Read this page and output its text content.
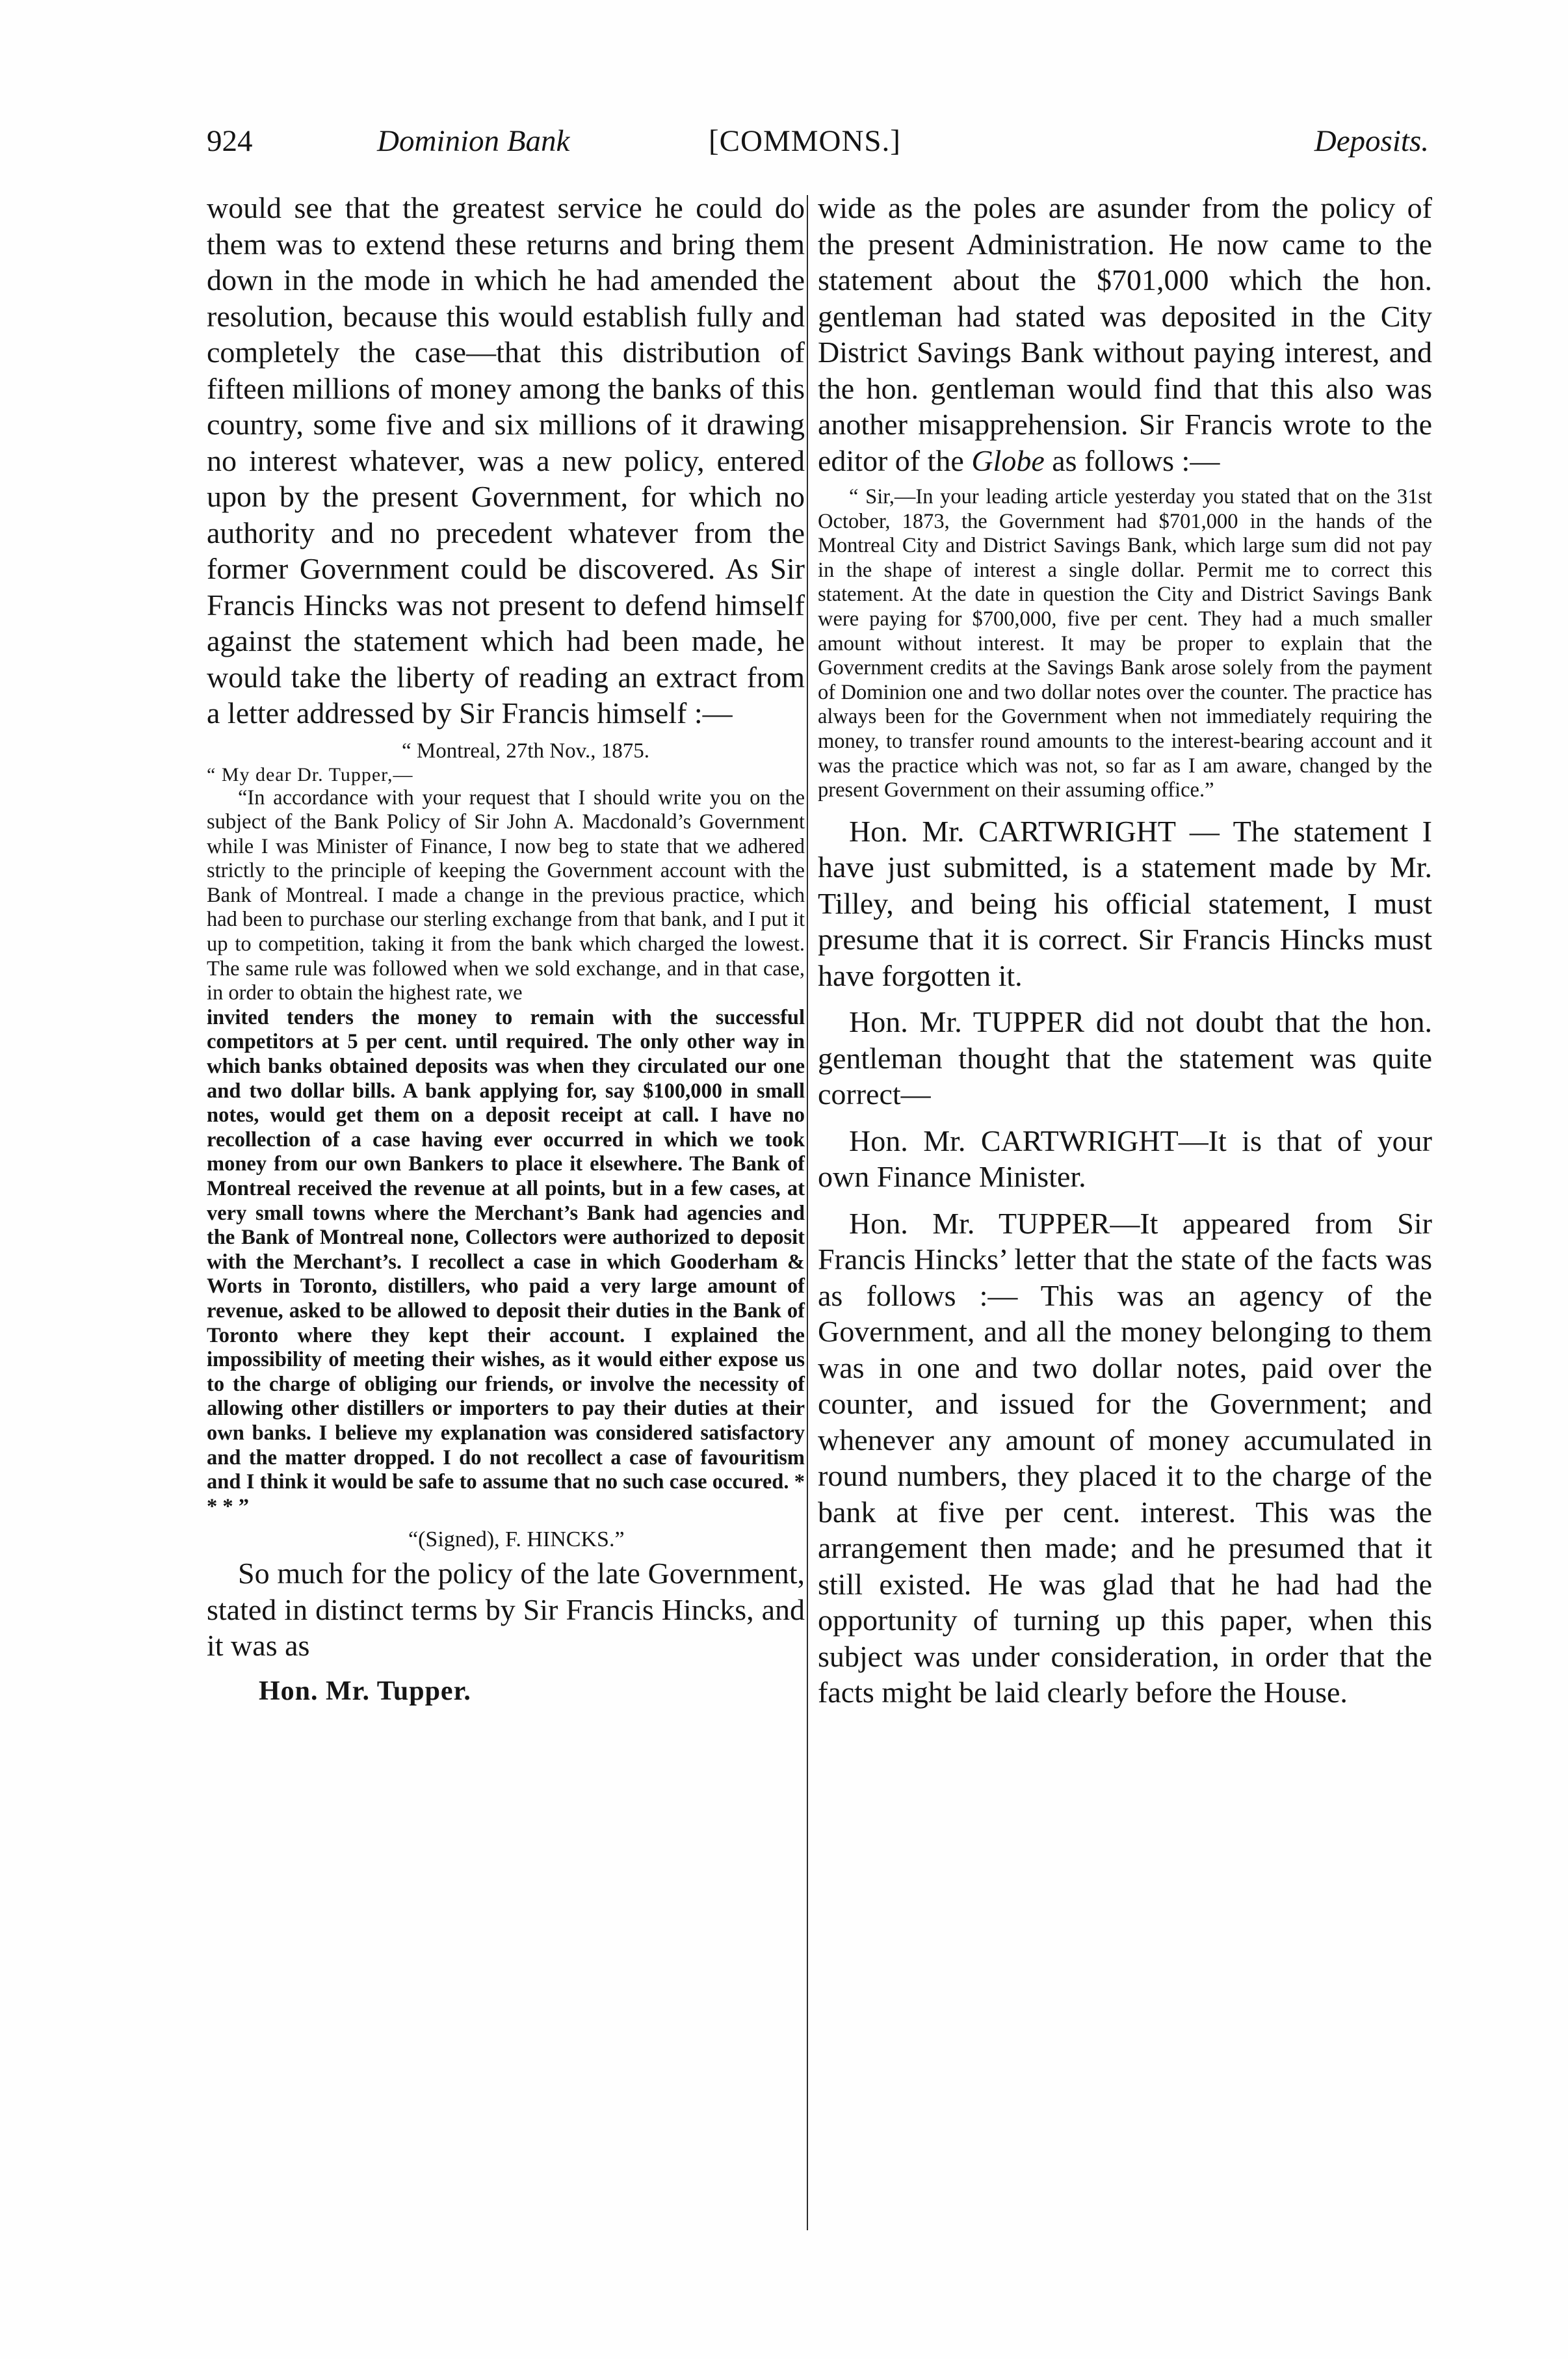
924	Dominion Bank	[COMMONS.]	Deposits.

would see that the greatest service he could do them was to extend these returns and bring them down in the mode in which he had amended the resolution, because this would establish fully and completely the case—that this distribution of fifteen millions of money among the banks of this country, some five and six millions of it drawing no interest whatever, was a new policy, entered upon by the present Government, for which no authority and no precedent whatever from the former Government could be discovered. As Sir Francis Hincks was not present to defend himself against the statement which had been made, he would take the liberty of reading an extract from a letter addressed by Sir Francis himself :—

“ Montreal, 27th Nov., 1875.

“ My dear Dr. Tupper,—

“In accordance with your request that I should write you on the subject of the Bank Policy of Sir John A. Macdonald’s Government while I was Minister of Finance, I now beg to state that we adhered strictly to the principle of keeping the Government account with the Bank of Montreal. I made a change in the previous practice, which had been to purchase our sterling exchange from that bank, and I put it up to competition, taking it from the bank which charged the lowest. The same rule was followed when we sold exchange, and in that case, in order to obtain the highest rate, we

invited tenders the money to remain with the successful competitors at 5 per cent. until required. The only other way in which banks obtained deposits was when they circulated our one and two dollar bills. A bank applying for, say $100,000 in small notes, would get them on a deposit receipt at call. I have no recollection of a case having ever occurred in which we took money from our own Bankers to place it elsewhere. The Bank of Montreal received the revenue at all points, but in a few cases, at very small towns where the Merchant’s Bank had agencies and the Bank of Montreal none, Collectors were authorized to deposit with the Merchant’s. I recollect a case in which Gooderham & Worts in Toronto, distillers, who paid a very large amount of revenue, asked to be allowed to deposit their duties in the Bank of Toronto where they kept their account. I explained the impossibility of meeting their wishes, as it would either expose us to the charge of obliging our friends, or involve the necessity of allowing other distillers or importers to pay their duties at their own banks. I believe my explanation was considered satisfactory and the matter dropped. I do not recollect a case of favouritism and I think it would be safe to assume that no such case occured. * * * ”

“(Signed), F. HINCKS.”

So much for the policy of the late Government, stated in distinct terms by Sir Francis Hincks, and it was as

Hon. Mr. Tupper.

wide as the poles are asunder from the policy of the present Administration. He now came to the statement about the $701,000 which the hon. gentleman had stated was deposited in the City District Savings Bank without paying interest, and the hon. gentleman would find that this also was another misapprehension. Sir Francis wrote to the editor of the Globe as follows :—

“ Sir,—In your leading article yesterday you stated that on the 31st October, 1873, the Government had $701,000 in the hands of the Montreal City and District Savings Bank, which large sum did not pay in the shape of interest a single dollar. Permit me to correct this statement. At the date in question the City and District Savings Bank were paying for $700,000, five per cent. They had a much smaller amount without interest. It may be proper to explain that the Government credits at the Savings Bank arose solely from the payment of Dominion one and two dollar notes over the counter. The practice has always been for the Government when not immediately requiring the money, to transfer round amounts to the interest-bearing account and it was the practice which was not, so far as I am aware, changed by the present Government on their assuming office.”

Hon. Mr. CARTWRIGHT — The statement I have just submitted, is a statement made by Mr. Tilley, and being his official statement, I must presume that it is correct. Sir Francis Hincks must have forgotten it.

Hon. Mr. TUPPER did not doubt that the hon. gentleman thought that the statement was quite correct—

Hon. Mr. CARTWRIGHT—It is that of your own Finance Minister.

Hon. Mr. TUPPER—It appeared from Sir Francis Hincks’ letter that the state of the facts was as follows :— This was an agency of the Government, and all the money belonging to them was in one and two dollar notes, paid over the counter, and issued for the Government; and whenever any amount of money accumulated in round numbers, they placed it to the charge of the bank at five per cent. interest. This was the arrangement then made; and he presumed that it still existed. He was glad that he had had the opportunity of turning up this paper, when this subject was under consideration, in order that the facts might be laid clearly before the House.
